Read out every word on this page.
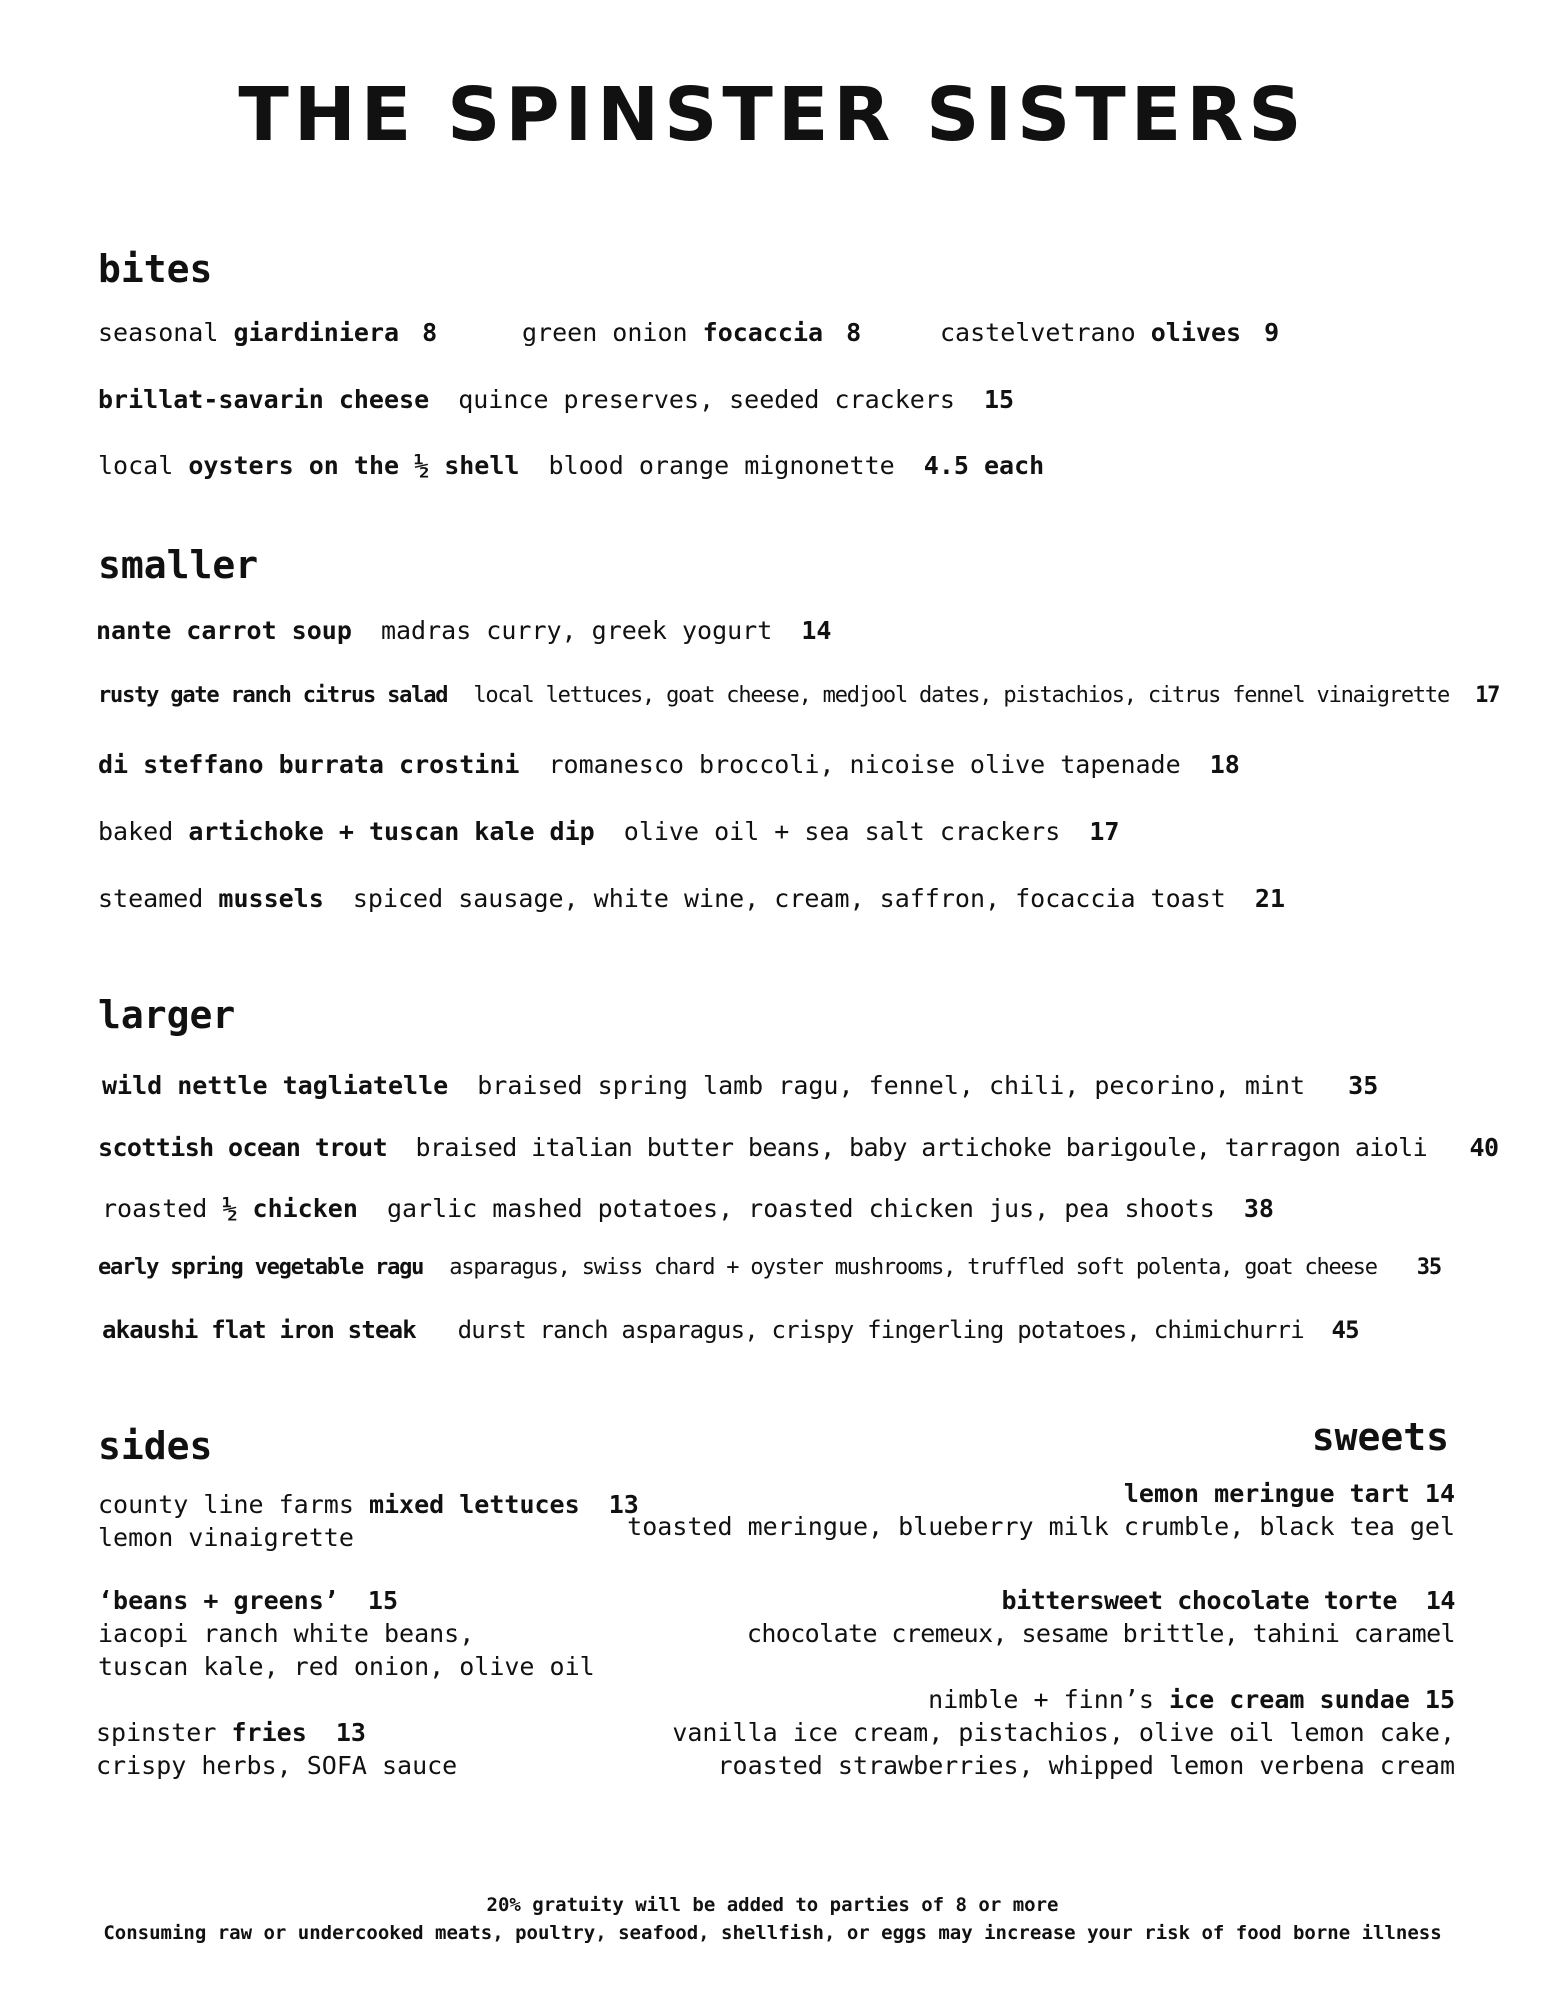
THE SPINSTER SISTERS
bites
seasonal giardiniera 8	green onion focaccia 8	castelvetrano olives 9
brillat-savarin cheese quince preserves, seeded crackers 15
local oysters on the ½ shell blood orange mignonette 4.5 each
smaller
nante carrot soup madras curry, greek yogurt 14
rusty gate ranch citrus salad local lettuces, goat cheese, medjool dates, pistachios, citrus fennel vinaigrette 17
di steffano burrata crostini romanesco broccoli, nicoise olive tapenade 18
baked artichoke + tuscan kale dip olive oil + sea salt crackers 17
steamed mussels spiced sausage, white wine, cream, saffron, focaccia toast 21
larger
wild nettle tagliatelle braised spring lamb ragu, fennel, chili, pecorino, mint 35
scottish ocean trout braised italian butter beans, baby artichoke barigoule, tarragon aioli 40
roasted ½ chicken garlic mashed potatoes, roasted chicken jus, pea shoots 38
early spring vegetable ragu asparagus, swiss chard + oyster mushrooms, truffled soft polenta, goat cheese 35
akaushi flat iron steak durst ranch asparagus, crispy fingerling potatoes, chimichurri 45
sides
county line farms mixed lettuces 13
lemon vinaigrette
‘beans + greens’ 15
iacopi ranch white beans,
tuscan kale, red onion, olive oil
spinster fries 13
crispy herbs, SOFA sauce
sweets
lemon meringue tart 14
toasted meringue, blueberry milk crumble, black tea gel
bittersweet chocolate torte 14
chocolate cremeux, sesame brittle, tahini caramel
nimble + finn’s ice cream sundae 15
vanilla ice cream, pistachios, olive oil lemon cake,
roasted strawberries, whipped lemon verbena cream
20% gratuity will be added to parties of 8 or more
Consuming raw or undercooked meats, poultry, seafood, shellfish, or eggs may increase your risk of food borne illness
